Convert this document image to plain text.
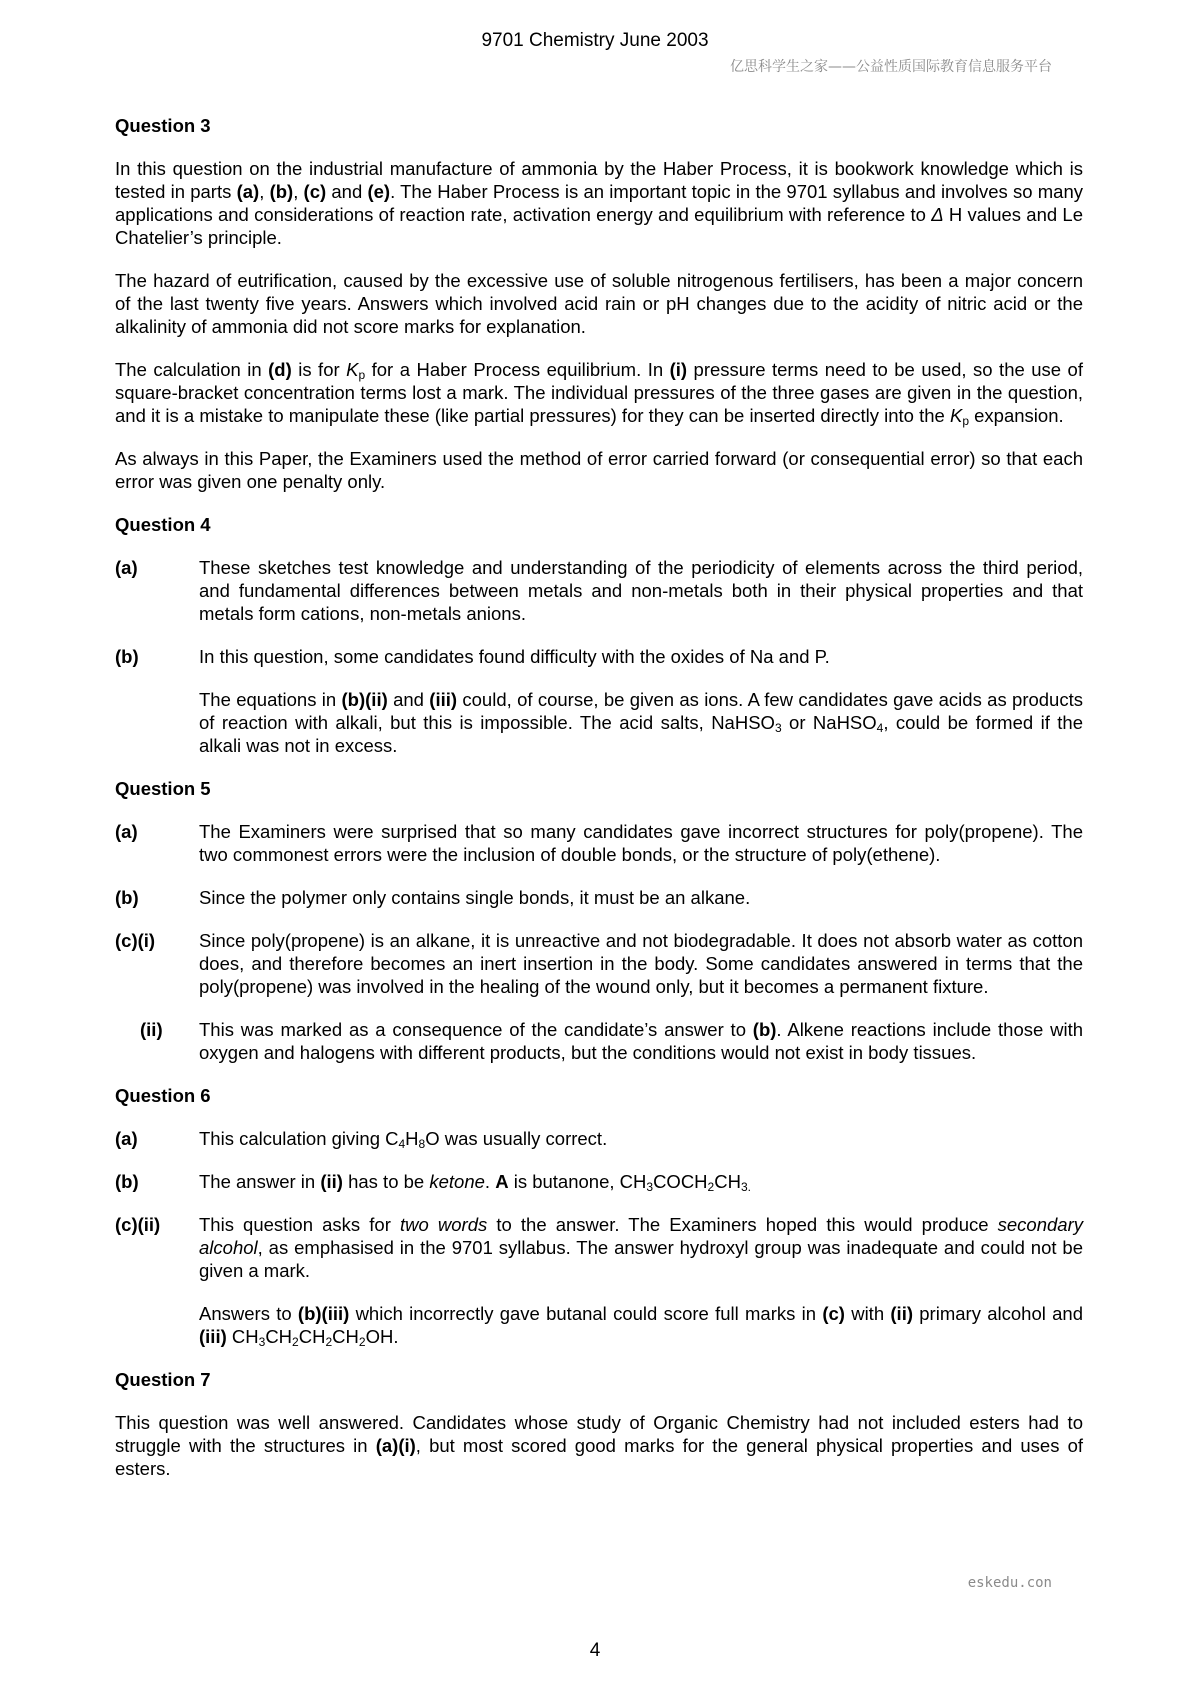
9701 Chemistry June 2003
亿思科学生之家——公益性质国际教育信息服务平台
Question 3
In this question on the industrial manufacture of ammonia by the Haber Process, it is bookwork knowledge which is tested in parts (a), (b), (c) and (e). The Haber Process is an important topic in the 9701 syllabus and involves so many applications and considerations of reaction rate, activation energy and equilibrium with reference to Δ H values and Le Chatelier’s principle.
The hazard of eutrification, caused by the excessive use of soluble nitrogenous fertilisers, has been a major concern of the last twenty five years. Answers which involved acid rain or pH changes due to the acidity of nitric acid or the alkalinity of ammonia did not score marks for explanation.
The calculation in (d) is for $K_p$ for a Haber Process equilibrium. In (i) pressure terms need to be used, so the use of square-bracket concentration terms lost a mark. The individual pressures of the three gases are given in the question, and it is a mistake to manipulate these (like partial pressures) for they can be inserted directly into the $K_p$ expansion.
As always in this Paper, the Examiners used the method of error carried forward (or consequential error) so that each error was given one penalty only.
Question 4
(a)	These sketches test knowledge and understanding of the periodicity of elements across the third period, and fundamental differences between metals and non-metals both in their physical properties and that metals form cations, non-metals anions.
(b)	In this question, some candidates found difficulty with the oxides of Na and P.
The equations in (b)(ii) and (iii) could, of course, be given as ions. A few candidates gave acids as products of reaction with alkali, but this is impossible. The acid salts, NaHSO$_3$ or NaHSO$_4$, could be formed if the alkali was not in excess.
Question 5
(a)	The Examiners were surprised that so many candidates gave incorrect structures for poly(propene). The two commonest errors were the inclusion of double bonds, or the structure of poly(ethene).
(b)	Since the polymer only contains single bonds, it must be an alkane.
(c)(i)	Since poly(propene) is an alkane, it is unreactive and not biodegradable. It does not absorb water as cotton does, and therefore becomes an inert insertion in the body. Some candidates answered in terms that the poly(propene) was involved in the healing of the wound only, but it becomes a permanent fixture.
(ii)	This was marked as a consequence of the candidate’s answer to (b). Alkene reactions include those with oxygen and halogens with different products, but the conditions would not exist in body tissues.
Question 6
(a)	This calculation giving $C_4H_8O$ was usually correct.
(b)	The answer in (ii) has to be ketone. A is butanone, $CH_3COCH_2CH_{3.}$
(c)(ii)	This question asks for two words to the answer. The Examiners hoped this would produce secondary alcohol, as emphasised in the 9701 syllabus. The answer hydroxyl group was inadequate and could not be given a mark.
Answers to (b)(iii) which incorrectly gave butanal could score full marks in (c) with (ii) primary alcohol and (iii) $CH_3CH_2CH_2CH_2OH$.
Question 7
This question was well answered. Candidates whose study of Organic Chemistry had not included esters had to struggle with the structures in (a)(i), but most scored good marks for the general physical properties and uses of esters.
eskedu.con
4
